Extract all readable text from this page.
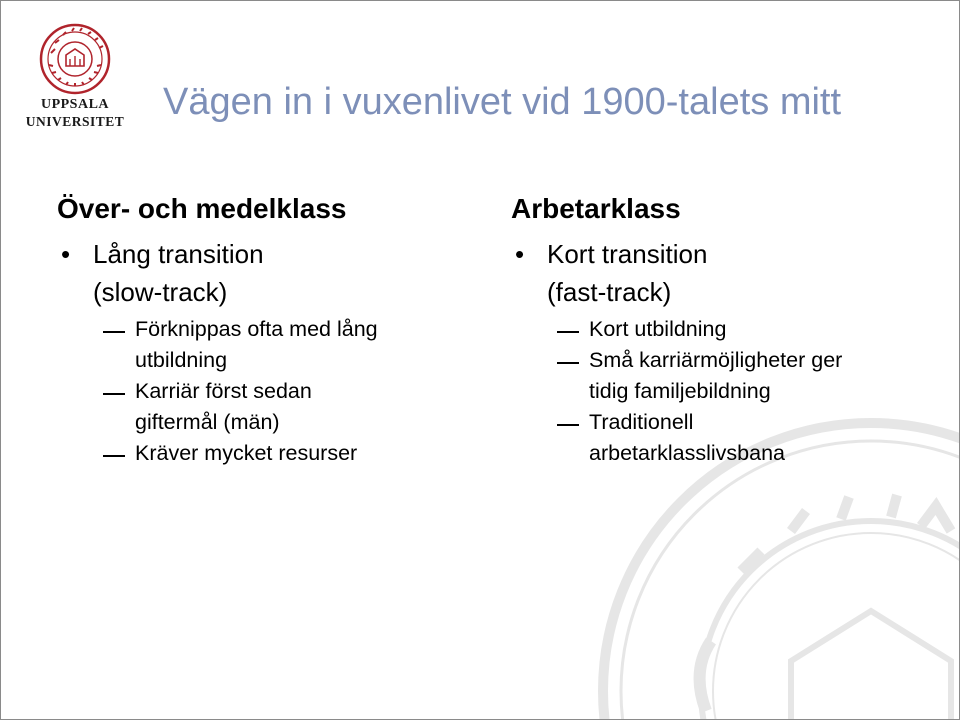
UPPSALA
UNIVERSITET Vägen in i vuxenlivet vid 1900-talets mitt
Över- och medelklass
• Lång transition
(slow-track)
Förknippas ofta med lång
utbildning
Karriär först sedan
giftermål (män)
Kräver mycket resurser
Arbetarklass
• Kort transition
(fast-track)
Kort utbildning
Små karriärmöjligheter ger
tidig familjebildning
Traditionell
arbetarklasslivsbana
